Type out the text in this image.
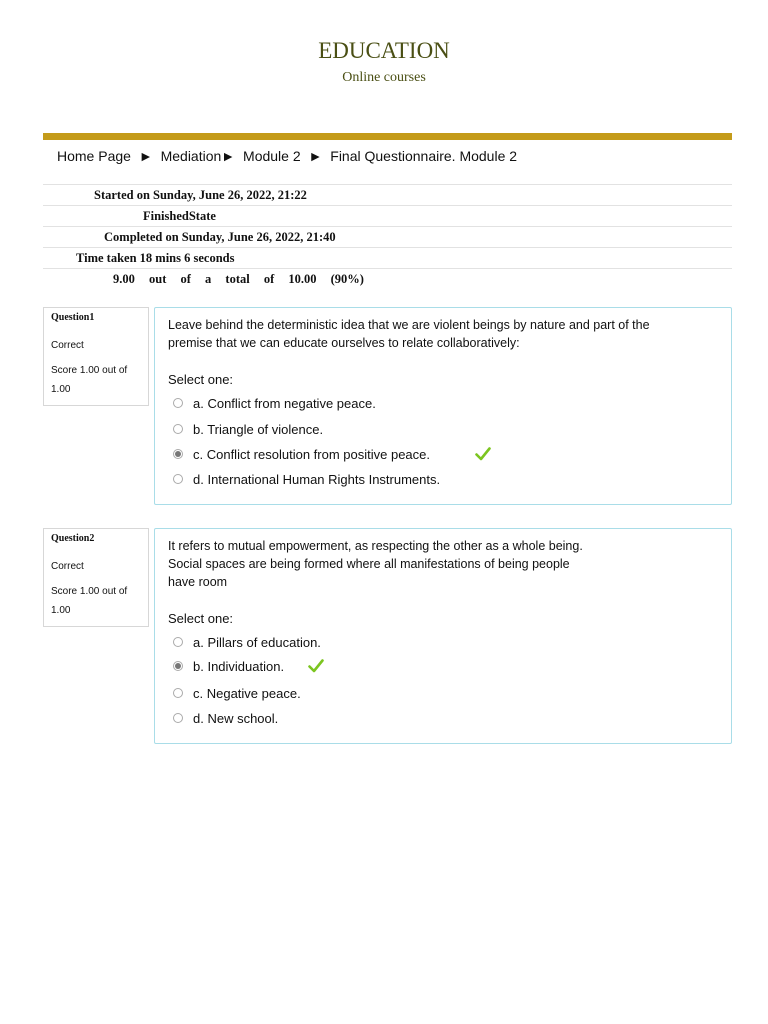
EDUCATION
Online courses
Home Page ► Mediation► Module 2 ► Final Questionnaire. Module 2
Started on Sunday, June 26, 2022, 21:22
FinishedState
Completed on Sunday, June 26, 2022, 21:40
Time taken 18 mins 6 seconds
9.00 out of a total of 10.00 (90%)
Question1
Correct
Score 1.00 out of 1.00
Leave behind the deterministic idea that we are violent beings by nature and part of the
premise that we can educate ourselves to relate collaboratively:
Select one:
a. Conflict from negative peace.
b. Triangle of violence.
c. Conflict resolution from positive peace.
d. International Human Rights Instruments.
Question2
Correct
Score 1.00 out of 1.00
It refers to mutual empowerment, as respecting the other as a whole being.
Social spaces are being formed where all manifestations of being people
have room
Select one:
a. Pillars of education.
b. Individuation.
c. Negative peace.
d. New school.
